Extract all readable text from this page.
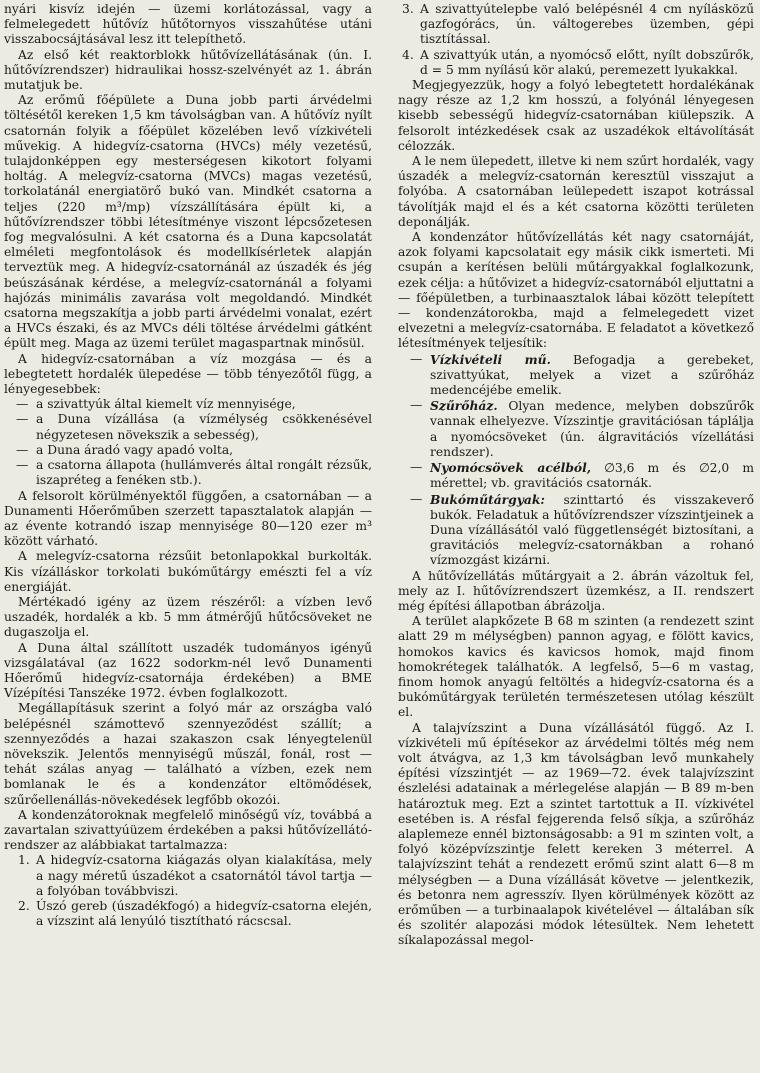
nyári kisvíz idején — üzemi korlátozással, vagy a felmelegedett hűtővíz hűtőtornyos visszahűtése utáni visszabocsájtásával lesz itt telepíthető.

Az első két reaktorblokk hűtővízellátásának (ún. I. hűtővízrendszer) hidraulikai hossz-szelvényét az 1. ábrán mutatjuk be.

Az erőmű főépülete a Duna jobb parti árvédelmi töltésétől kereken 1,5 km távolságban van. A hűtővíz nyílt csatornán folyik a főépület közelében levő vízkivételi művekig. A hidegvíz-csatorna (HVCs) mély vezetésű, tulajdonképpen egy mesterségesen kikotort folyami holtág. A melegvíz-csatorna (MVCs) magas vezetésű, torkolatánál energiatörő bukó van. Mindkét csatorna a teljes (220 m³/mp) vízszállítására épült ki, a hűtővízrendszer többi létesítménye viszont lépcsőzetesen fog megvalósulni. A két csatorna és a Duna kapcsolatát elméleti megfontolások és modellkísérletek alapján terveztük meg. A hidegvíz-csatornánál az úszadék és jég beúszásának kérdése, a melegvíz-csatornánál a folyami hajózás minimális zavarása volt megoldandó. Mindkét csatorna megszakítja a jobb parti árvédelmi vonalat, ezért a HVCs északi, és az MVCs déli töltése árvédelmi gátként épült meg. Maga az üzemi terület magaspartnak minősül.

A hidegvíz-csatornában a víz mozgása — és a lebegtetett hordalék ülepedése — több tényezőtől függ, a lényegesebbek:

— a szivattyúk által kiemelt víz mennyisége,
— a Duna vízállása (a vízmélység csökkenésével négyzetesen növekszik a sebesség),
— a Duna áradó vagy apadó volta,
— a csatorna állapota (hullámverés által rongált rézsűk, iszapréteg a fenéken stb.).

A felsorolt körülményektől függően, a csatornában — a Dunamenti Hőerőműben szerzett tapasztalatok alapján — az évente kotrandó iszap mennyisége 80—120 ezer m³ között várható.

A melegvíz-csatorna rézsűit betonlapokkal burkolták. Kis vízálláskor torkolati bukóműtárgy emészti fel a víz energiáját.

Mértékadó igény az üzem részéről: a vízben levő uszadék, hordalék a kb. 5 mm átmérőjű hűtőcsöveket ne dugaszolja el.

A Duna által szállított uszadék tudományos igényű vizsgálatával (az 1622 sodorkm-nél levő Dunamenti Hőerőmű hidegvíz-csatornája érdekében) a BME Vízépítési Tanszéke 1972. évben foglalkozott.

Megállapításuk szerint a folyó már az országba való belépésnél számottevő szennyeződést szállít; a szennyeződés a hazai szakaszon csak lényegtelenül növekszik. Jelentős mennyiségű műszál, fonál, rost — tehát szálas anyag — található a vízben, ezek nem bomlanak le és a kondenzátor eltömődések, szűrőellenállás-növekedések legfőbb okozói.

A kondenzátoroknak megfelelő minőségű víz, továbbá a zavartalan szivattyúüzem érdekében a paksi hűtővízellátó-rendszer az alábbiakat tartalmazza:

1. A hidegvíz-csatorna kiágazás olyan kialakítása, mely a nagy méretű úszadékot a csatornától távol tartja — a folyóban továbbviszi.
2. Úszó gereb (úszadékfogó) a hidegvíz-csatorna elején, a vízszint alá lenyúló tisztítható rácscsal.
3. A szivattyútelepbe való belépésnél 4 cm nyílásközű gazfogórács, ún. váltogerebes üzemben, gépi tisztítással.
4. A szivattyúk után, a nyomócső előtt, nyílt dobszűrők, d = 5 mm nyílású kör alakú, peremezett lyukakkal.

Megjegyezzük, hogy a folyó lebegtetett hordalékának nagy része az 1,2 km hosszú, a folyónál lényegesen kisebb sebességű hidegvíz-csatornában kiülepszik. A felsorolt intézkedések csak az uszadékok eltávolítását célozzák.

A le nem ülepedett, illetve ki nem szűrt hordalék, vagy úszadék a melegvíz-csatornán keresztül visszajut a folyóba. A csatornában leülepedett iszapot kotrással távolítják majd el és a két csatorna közötti területen deponálják.

A kondenzátor hűtővízellátás két nagy csatornáját, azok folyami kapcsolatait egy másik cikk ismerteti. Mi csupán a kerítésen belüli műtárgyakkal foglalkozunk, ezek célja: a hűtővizet a hidegvíz-csatornából eljuttatni a — főépületben, a turbinaasztalok lábai között telepített — kondenzátorokba, majd a felmelegedett vizet elvezetni a melegvíz-csatornába. E feladatot a következő létesítmények teljesítik:

— Vízkivételi mű. Befogadja a gerebeket, szivattyúkat, melyek a vizet a szűrőház medencéjébe emelik.
— Szűrőház. Olyan medence, melyben dobszűrők vannak elhelyezve. Vízszintje gravitációsan táplálja a nyomócsöveket (ún. álgravitációs vízellátási rendszer).
— Nyomócsövek acélból, ∅3,6 m és ∅2,0 m mérettel; vb. gravitációs csatornák.
— Bukóműtárgyak: szinttartó és visszakeverő bukók. Feladatuk a hűtővízrendszer vízszintjeinek a Duna vízállásától való függetlenségét biztosítani, a gravitációs melegvíz-csatornákban a rohanó vízmozgást kizárni.

A hűtővízellátás műtárgyait a 2. ábrán vázoltuk fel, mely az I. hűtővízrendszert üzemkész, a II. rendszert még építési állapotban ábrázolja.

A terület alapkőzete B 68 m szinten (a rendezett szint alatt 29 m mélységben) pannon agyag, e fölött kavics, homokos kavics és kavicsos homok, majd finom homokrétegek találhatók. A legfelső, 5—6 m vastag, finom homok anyagú feltöltés a hidegvíz-csatorna és a bukóműtárgyak területén természetesen utólag készült el.

A talajvízszint a Duna vízállásától függő. Az I. vízkivételi mű építésekor az árvédelmi töltés még nem volt átvágva, az 1,3 km távolságban levő munkahely építési vízszintjét — az 1969—72. évek talajvízszint észlelési adatainak a mérlegelése alapján — B 89 m-ben határoztuk meg. Ezt a szintet tartottuk a II. vízkivétel esetében is. A résfal fejgerenda felső síkja, a szűrőház alaplemeze ennél biztonságosabb: a 91 m szinten volt, a folyó középvízszintje felett kereken 3 méterrel. A talajvízszint tehát a rendezett erőmű szint alatt 6—8 m mélységben — a Duna vízállását követve — jelentkezik, és betonra nem agresszív. Ilyen körülmények között az erőműben — a turbinaalapok kivételével — általában sík és szolitér alapozási módok létesültek. Nem lehetett síkalapozással megol-
